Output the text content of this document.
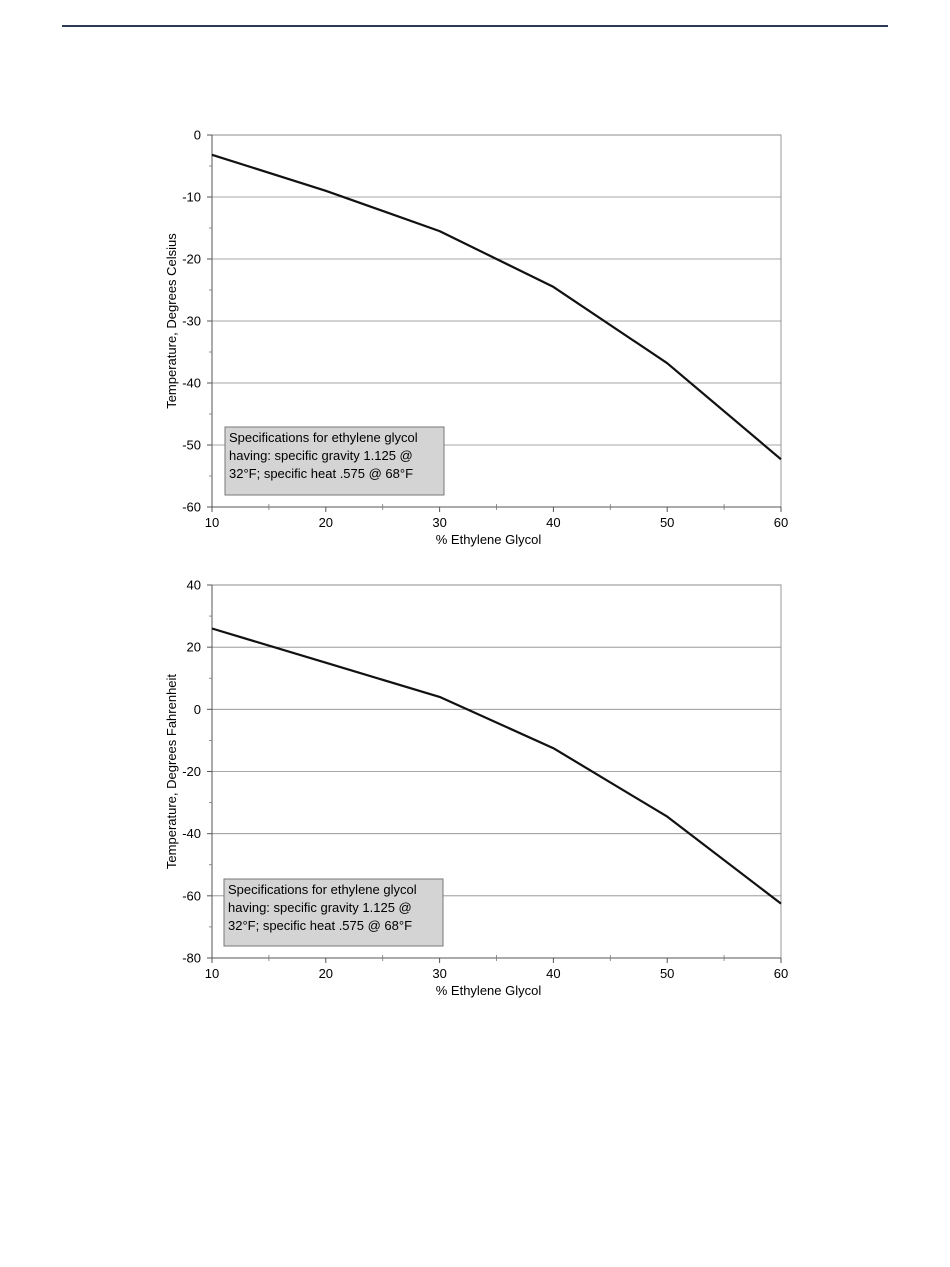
0
-10
-20
-30
-40
-50
-60
10	20	30	40	50	60
% Ethylene Glycol
Temperature, Degrees Celsius
Specifications for ethylene glycol
having: specific gravity 1.125 @
32°F; specific heat .575 @ 68°F
40
20
0
-20
-40
-60
-80
10	20	30	40	50	60
% Ethylene Glycol
Temperature, Degrees Fahrenheit
Specifications for ethylene glycol
having: specific gravity 1.125 @
32°F; specific heat .575 @ 68°F
